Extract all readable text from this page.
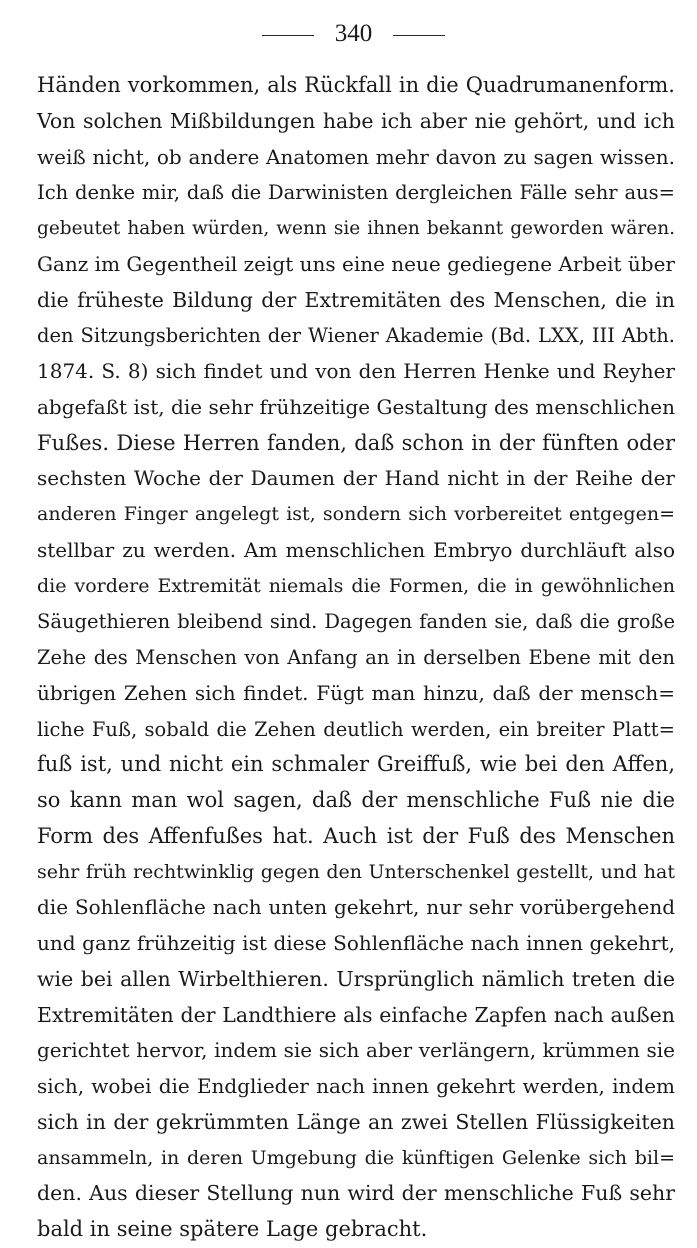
340
Händen vorkommen, als Rückfall in die Quadrumanenform.
Von solchen Mißbildungen habe ich aber nie gehört, und ich
weiß nicht, ob andere Anatomen mehr davon zu sagen wissen.
Ich denke mir, daß die Darwinisten dergleichen Fälle sehr aus=
gebeutet haben würden, wenn sie ihnen bekannt geworden wären.
Ganz im Gegentheil zeigt uns eine neue gediegene Arbeit über
die früheste Bildung der Extremitäten des Menschen, die in
den Sitzungsberichten der Wiener Akademie (Bd. LXX, III Abth.
1874. S. 8) sich findet und von den Herren Henke und Reyher
abgefaßt ist, die sehr frühzeitige Gestaltung des menschlichen
Fußes. Diese Herren fanden, daß schon in der fünften oder
sechsten Woche der Daumen der Hand nicht in der Reihe der
anderen Finger angelegt ist, sondern sich vorbereitet entgegen=
stellbar zu werden. Am menschlichen Embryo durchläuft also
die vordere Extremität niemals die Formen, die in gewöhnlichen
Säugethieren bleibend sind. Dagegen fanden sie, daß die große
Zehe des Menschen von Anfang an in derselben Ebene mit den
übrigen Zehen sich findet. Fügt man hinzu, daß der mensch=
liche Fuß, sobald die Zehen deutlich werden, ein breiter Platt=
fuß ist, und nicht ein schmaler Greiffuß, wie bei den Affen,
so kann man wol sagen, daß der menschliche Fuß nie die
Form des Affenfußes hat. Auch ist der Fuß des Menschen
sehr früh rechtwinklig gegen den Unterschenkel gestellt, und hat
die Sohlenfläche nach unten gekehrt, nur sehr vorübergehend
und ganz frühzeitig ist diese Sohlenfläche nach innen gekehrt,
wie bei allen Wirbelthieren. Ursprünglich nämlich treten die
Extremitäten der Landthiere als einfache Zapfen nach außen
gerichtet hervor, indem sie sich aber verlängern, krümmen sie
sich, wobei die Endglieder nach innen gekehrt werden, indem
sich in der gekrümmten Länge an zwei Stellen Flüssigkeiten
ansammeln, in deren Umgebung die künftigen Gelenke sich bil=
den. Aus dieser Stellung nun wird der menschliche Fuß sehr
bald in seine spätere Lage gebracht.
